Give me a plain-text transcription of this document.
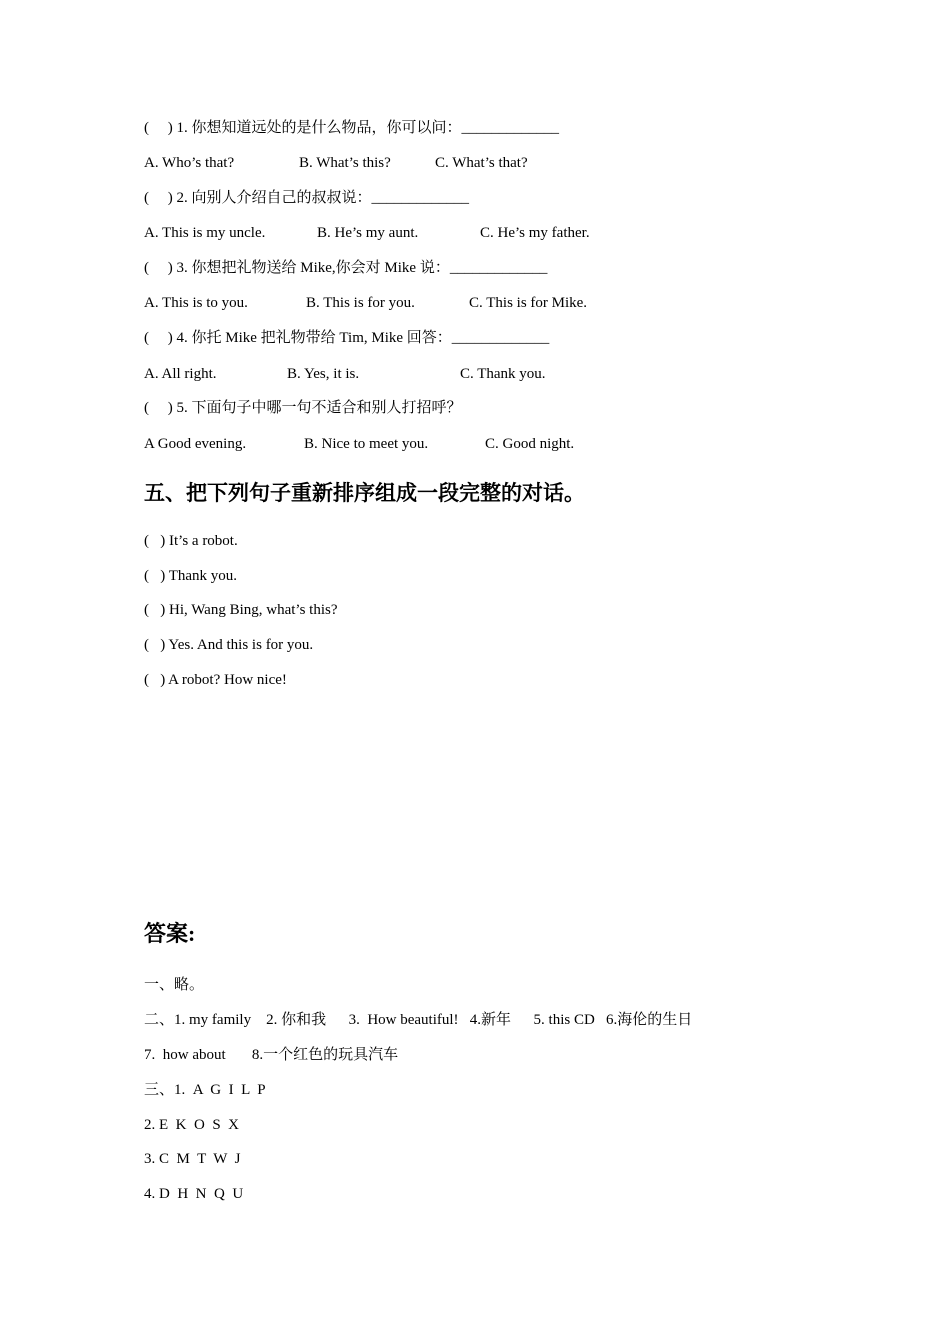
(     ) 1. 你想知道远处的是什么物品，你可以问：_____________
A. Who’s that?	B. What’s this?	C. What’s that?
(     ) 2. 向别人介绍自己的叔叔说：_____________
A. This is my uncle.	B. He’s my aunt.	C. He’s my father.
(     ) 3. 你想把礼物送给 Mike,你会对 Mike 说：_____________
A. This is to you.	B. This is for you.	C. This is for Mike.
(     ) 4. 你托 Mike 把礼物带给 Tim, Mike 回答：_____________
A. All right.	B. Yes, it is.	C. Thank you.
(     ) 5. 下面句子中哪一句不适合和别人打招呼？
A Good evening.	B. Nice to meet you.	C. Good night.
五、把下列句子重新排序组成一段完整的对话。
(   ) It’s a robot.
(   ) Thank you.
(   ) Hi, Wang Bing, what’s this?
(   ) Yes. And this is for you.
(   ) A robot? How nice!
答案:
一、略。
二、1. my family    2. 你和我      3.  How beautiful!   4.新年      5. this CD   6.海伦的生日
7.  how about       8.一个红色的玩具汽车
三、1.  A  G  I  L  P
2. E  K  O  S  X
3. C  M  T  W  J
4. D  H  N  Q  U
